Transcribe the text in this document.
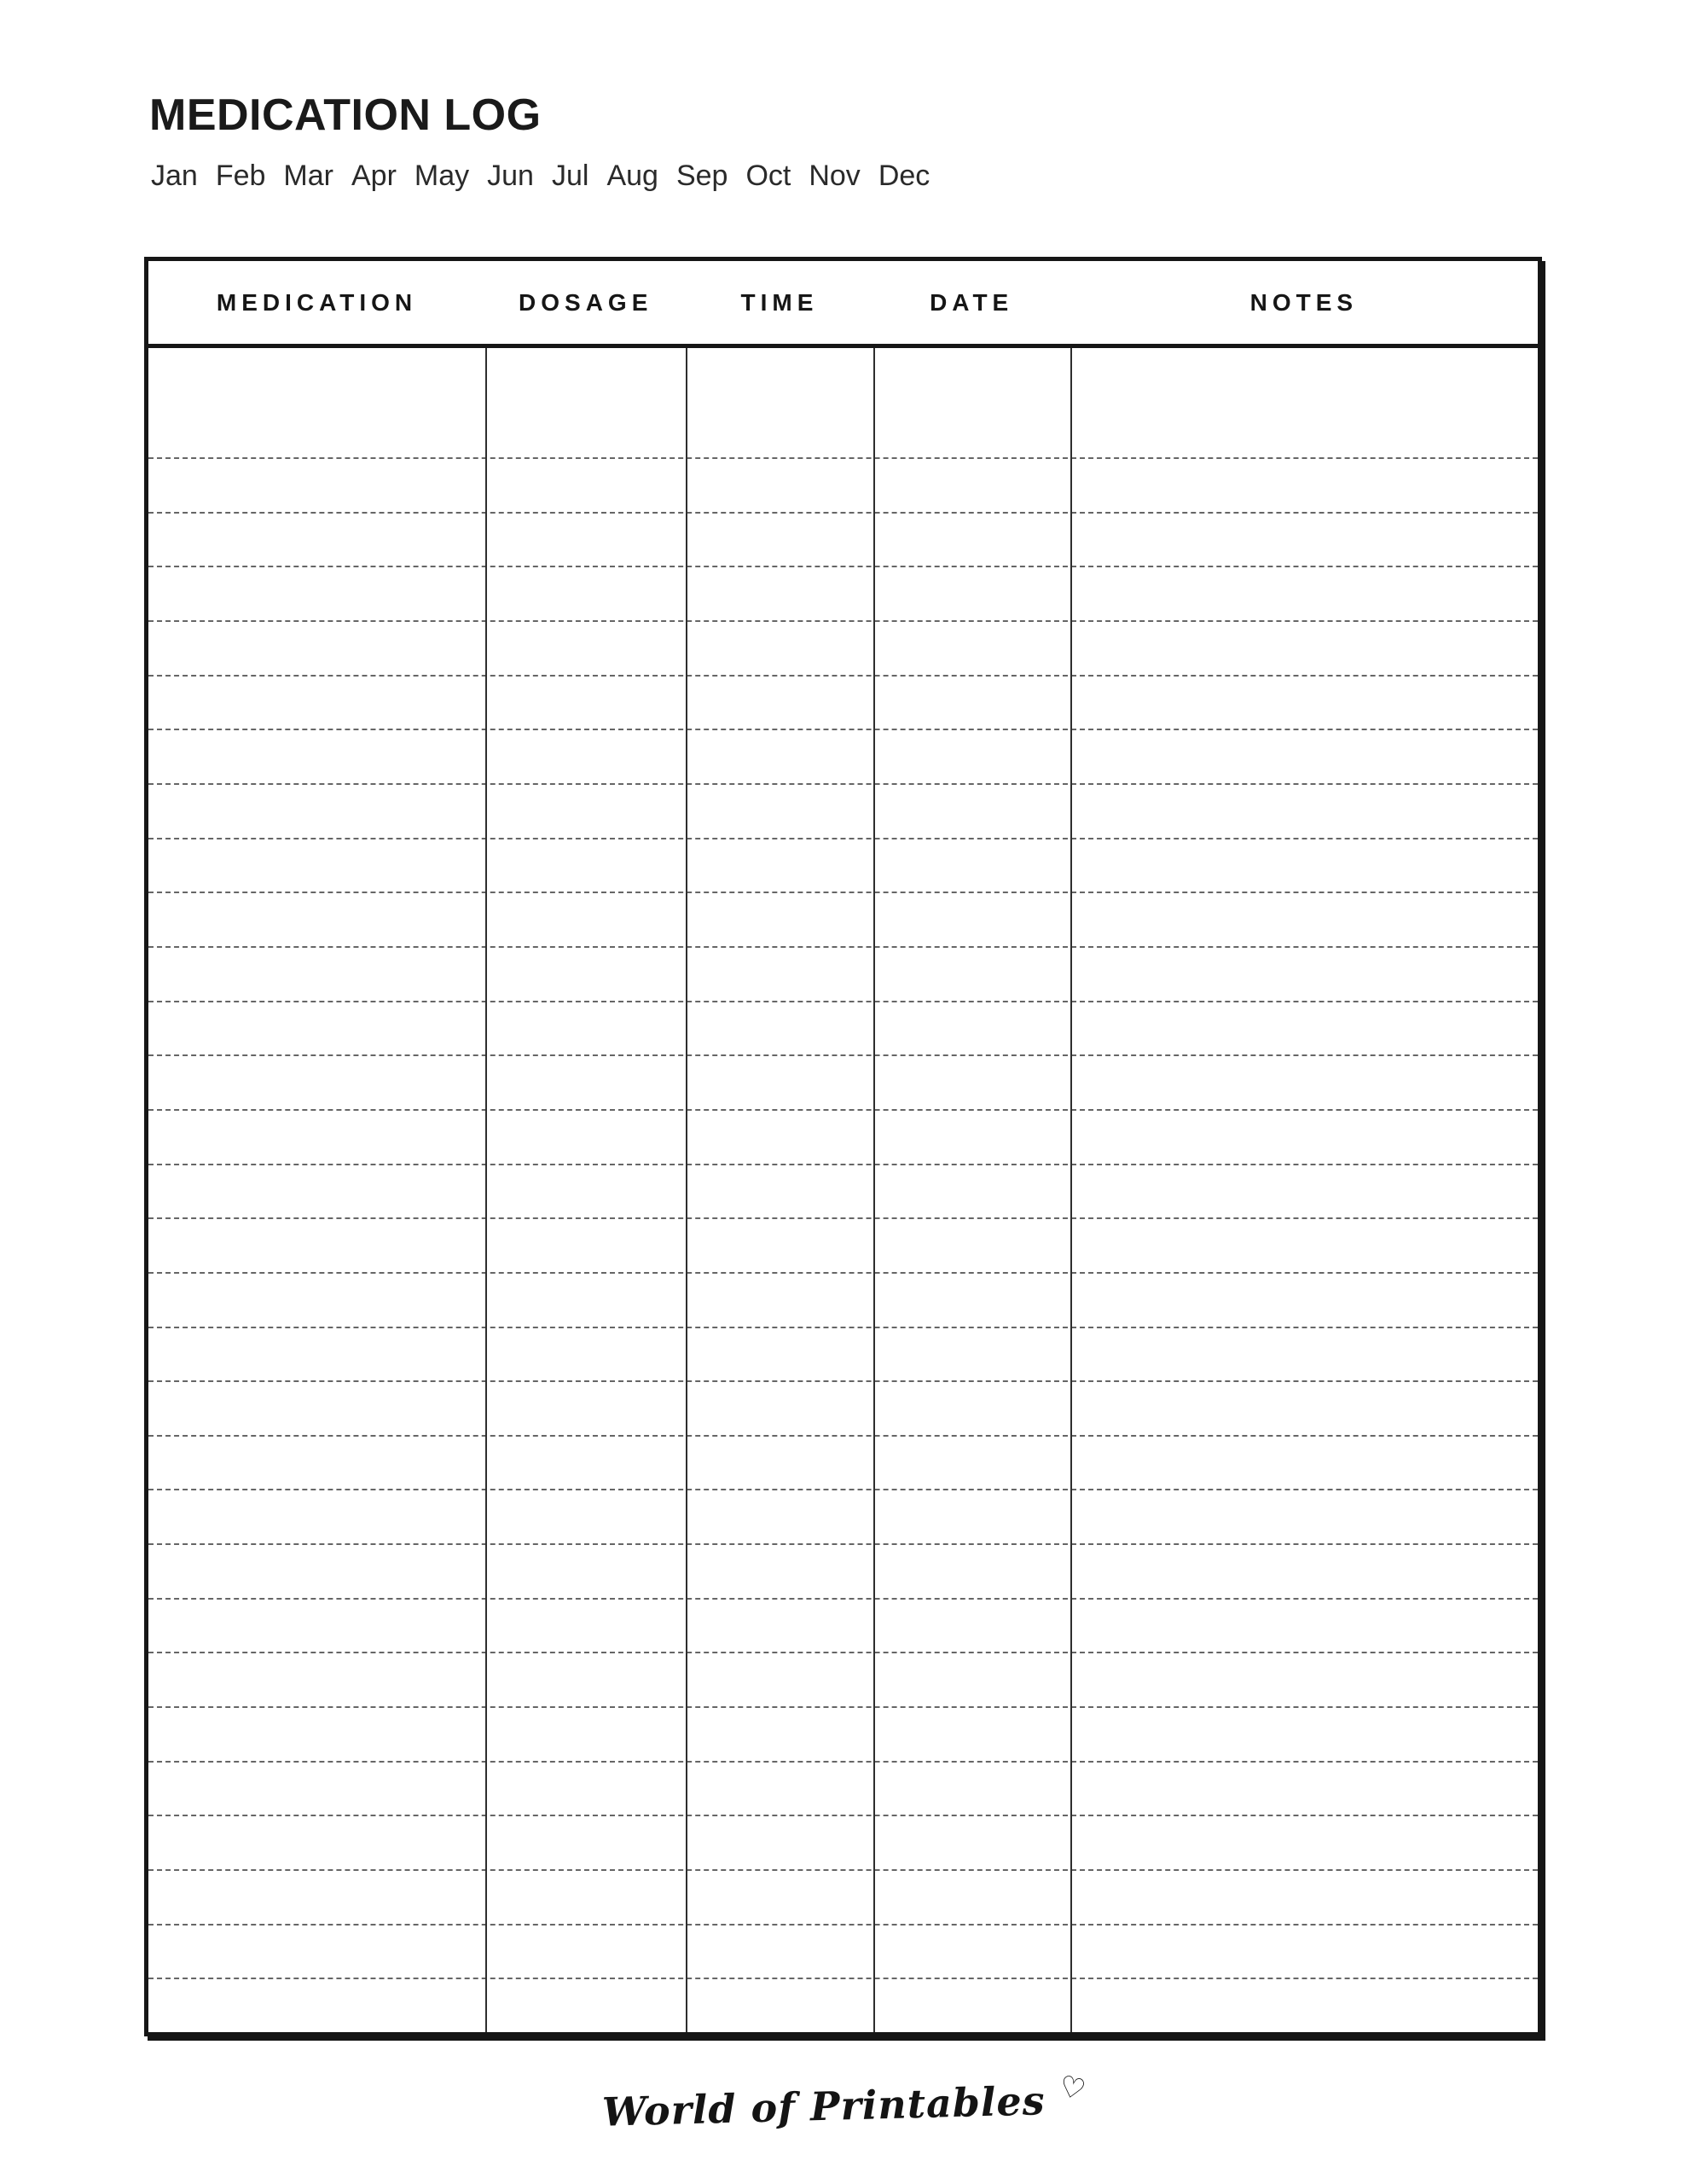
MEDICATION LOG
Jan Feb Mar Apr May Jun Jul Aug Sep Oct Nov Dec
MEDICATION	DOSAGE	TIME	DATE	NOTES
World of Printables ♡
